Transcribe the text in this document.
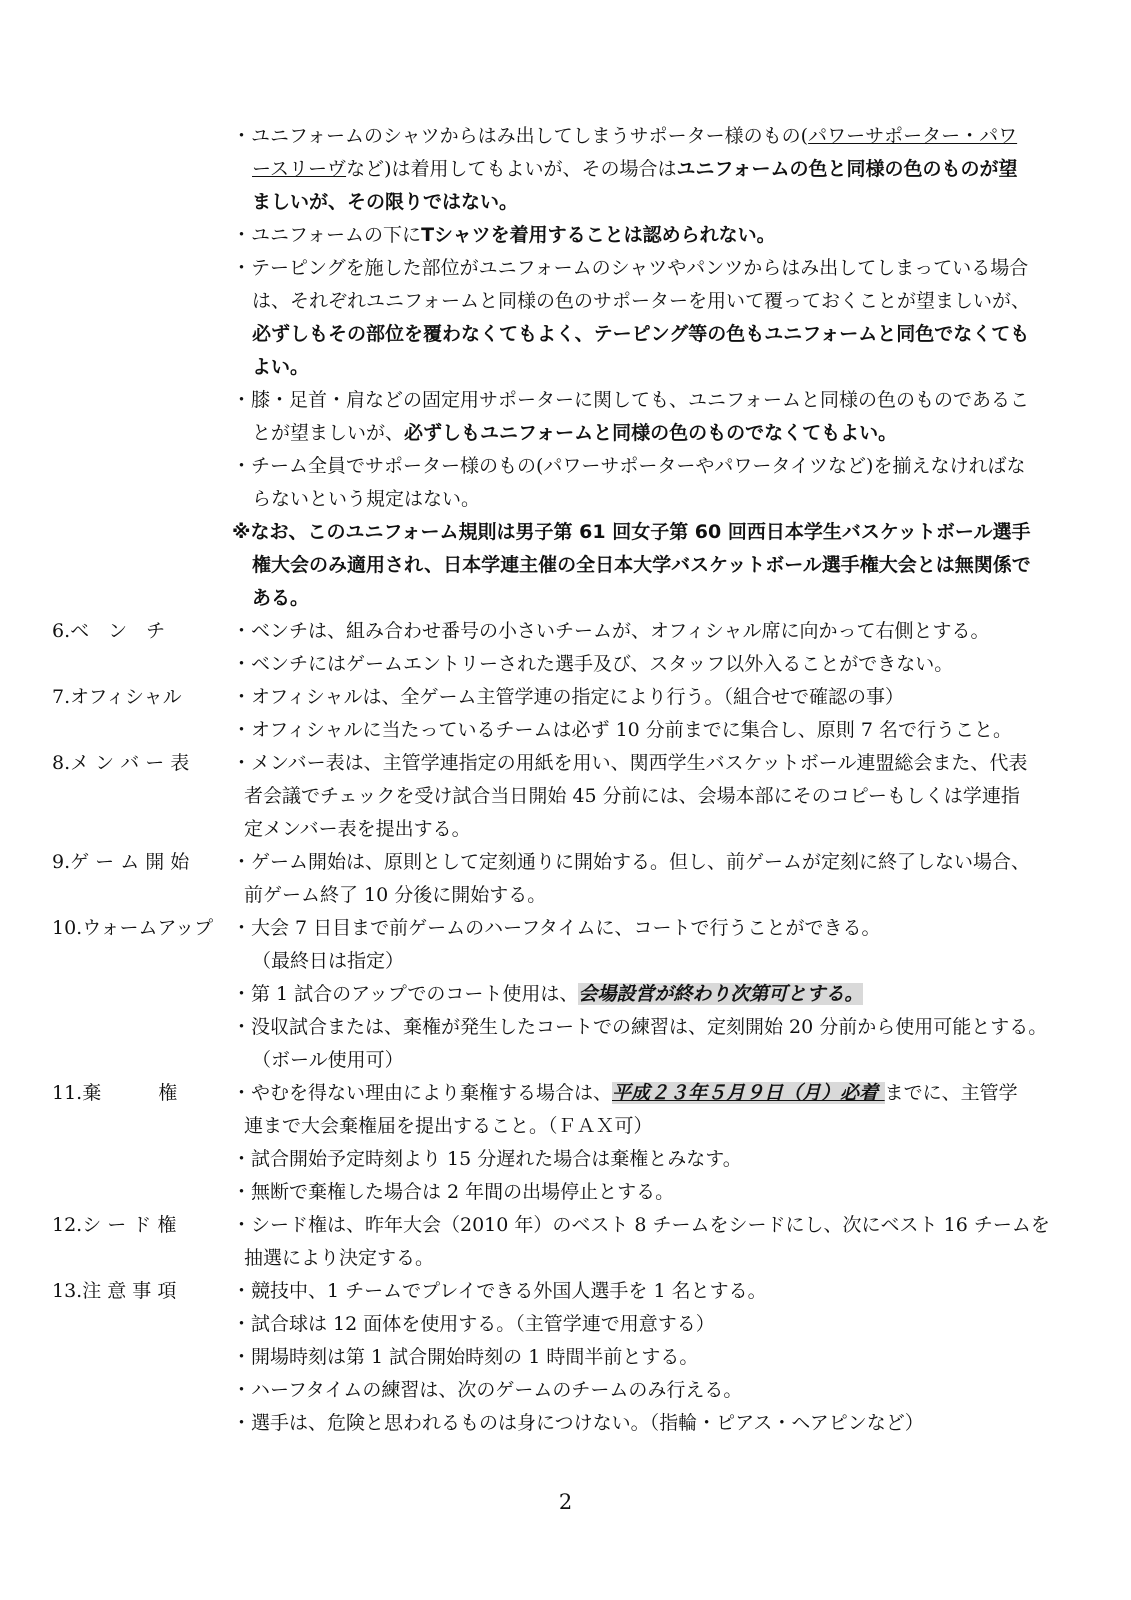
・ユニフォームのシャツからはみ出してしまうサポーター様のもの(パワーサポーター・パワ
ースリーヴなど)は着用してもよいが、その場合はユニフォームの色と同様の色のものが望
ましいが、その限りではない。
・ユニフォームの下にTシャツを着用することは認められない。
・テーピングを施した部位がユニフォームのシャツやパンツからはみ出してしまっている場合
は、それぞれユニフォームと同様の色のサポーターを用いて覆っておくことが望ましいが、
必ずしもその部位を覆わなくてもよく、テーピング等の色もユニフォームと同色でなくても
よい。
・膝・足首・肩などの固定用サポーターに関しても、ユニフォームと同様の色のものであるこ
とが望ましいが、必ずしもユニフォームと同様の色のものでなくてもよい。
・チーム全員でサポーター様のもの(パワーサポーターやパワータイツなど)を揃えなければな
らないという規定はない。
※なお、このユニフォーム規則は男子第 61 回女子第 60 回西日本学生バスケットボール選手
権大会のみ適用され、日本学連主催の全日本大学バスケットボール選手権大会とは無関係で
ある。
6.ベ　ン　チ	・ベンチは、組み合わせ番号の小さいチームが、オフィシャル席に向かって右側とする。
・ベンチにはゲームエントリーされた選手及び、スタッフ以外入ることができない。
7.オフィシャル	・オフィシャルは、全ゲーム主管学連の指定により行う。（組合せで確認の事）
・オフィシャルに当たっているチームは必ず 10 分前までに集合し、原則 7 名で行うこと。
8.メ ン バ ー 表 ・メンバー表は、主管学連指定の用紙を用い、関西学生バスケットボール連盟総会また、代表
者会議でチェックを受け試合当日開始 45 分前には、会場本部にそのコピーもしくは学連指
定メンバー表を提出する。
9.ゲ ー ム 開 始 ・ゲーム開始は、原則として定刻通りに開始する。但し、前ゲームが定刻に終了しない場合、
前ゲーム終了 10 分後に開始する。
10.ウォームアップ ・大会 7 日目まで前ゲームのハーフタイムに、コートで行うことができる。
（最終日は指定）
・第 1 試合のアップでのコート使用は、会場設営が終わり次第可とする。
・没収試合または、棄権が発生したコートでの練習は、定刻開始 20 分前から使用可能とする。
（ボール使用可）
11.棄　　　権	・やむを得ない理由により棄権する場合は、平成２３年５月９日（月）必着 までに、主管学
連まで大会棄権届を提出すること。（ＦＡＸ可）
・試合開始予定時刻より 15 分遅れた場合は棄権とみなす。
・無断で棄権した場合は 2 年間の出場停止とする。
12.シ ー ド 権	・シード権は、昨年大会（2010 年）のベスト 8 チームをシードにし、次にベスト 16 チームを
抽選により決定する。
13.注 意 事 項	・競技中、1 チームでプレイできる外国人選手を 1 名とする。
・試合球は 12 面体を使用する。（主管学連で用意する）
・開場時刻は第 1 試合開始時刻の 1 時間半前とする。
・ハーフタイムの練習は、次のゲームのチームのみ行える。
・選手は、危険と思われるものは身につけない。（指輪・ピアス・ヘアピンなど）
2
